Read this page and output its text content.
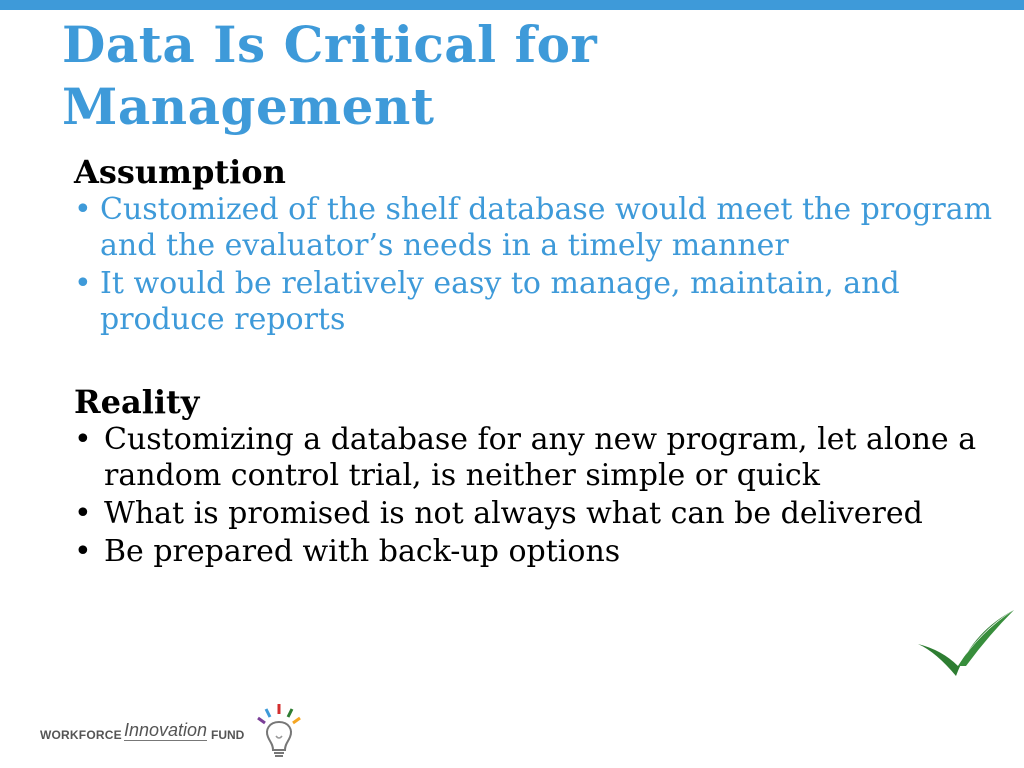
Data Is Critical for
Management

Assumption

• Customized of the shelf database would meet the program and the evaluator’s needs in a timely manner
• It would be relatively easy to manage, maintain, and produce reports

Reality

• Customizing a database for any new program, let alone a random control trial, is neither simple or quick
• What is promised is not always what can be delivered
• Be prepared with back-up options
WORKFORCE Innovation FUND
